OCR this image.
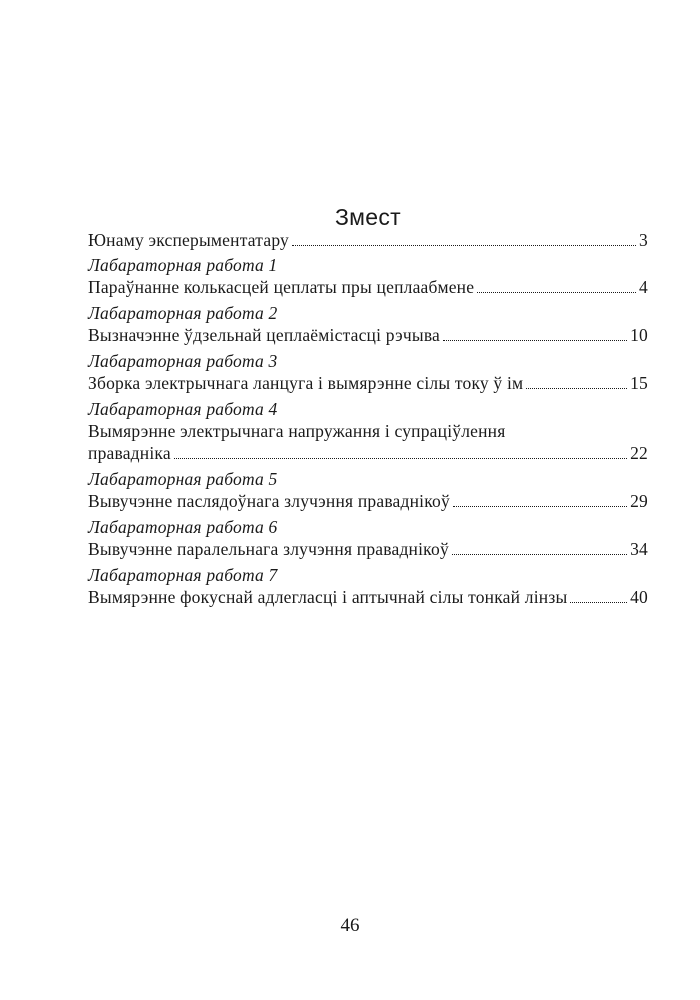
Змест
Юнаму эксперыментатару	3
Лабараторная работа 1
Параўнанне колькасцей цеплаты пры цеплаабмене	4
Лабараторная работа 2
Вызначэнне ўдзельнай цеплаёмістасці рэчыва	10
Лабараторная работа 3
Зборка электрычнага ланцуга і вымярэнне сілы току ў ім	15
Лабараторная работа 4
Вымярэнне электрычнага напружання і супраціўлення
праваднiка	22
Лабараторная работа 5
Вывучэнне паслядоўнага злучэння праваднікоў	29
Лабараторная работа 6
Вывучэнне паралельнага злучэння праваднікоў	34
Лабараторная работа 7
Вымярэнне фокуснай адлегласці і аптычнай сілы тонкай лінзы	40
46
